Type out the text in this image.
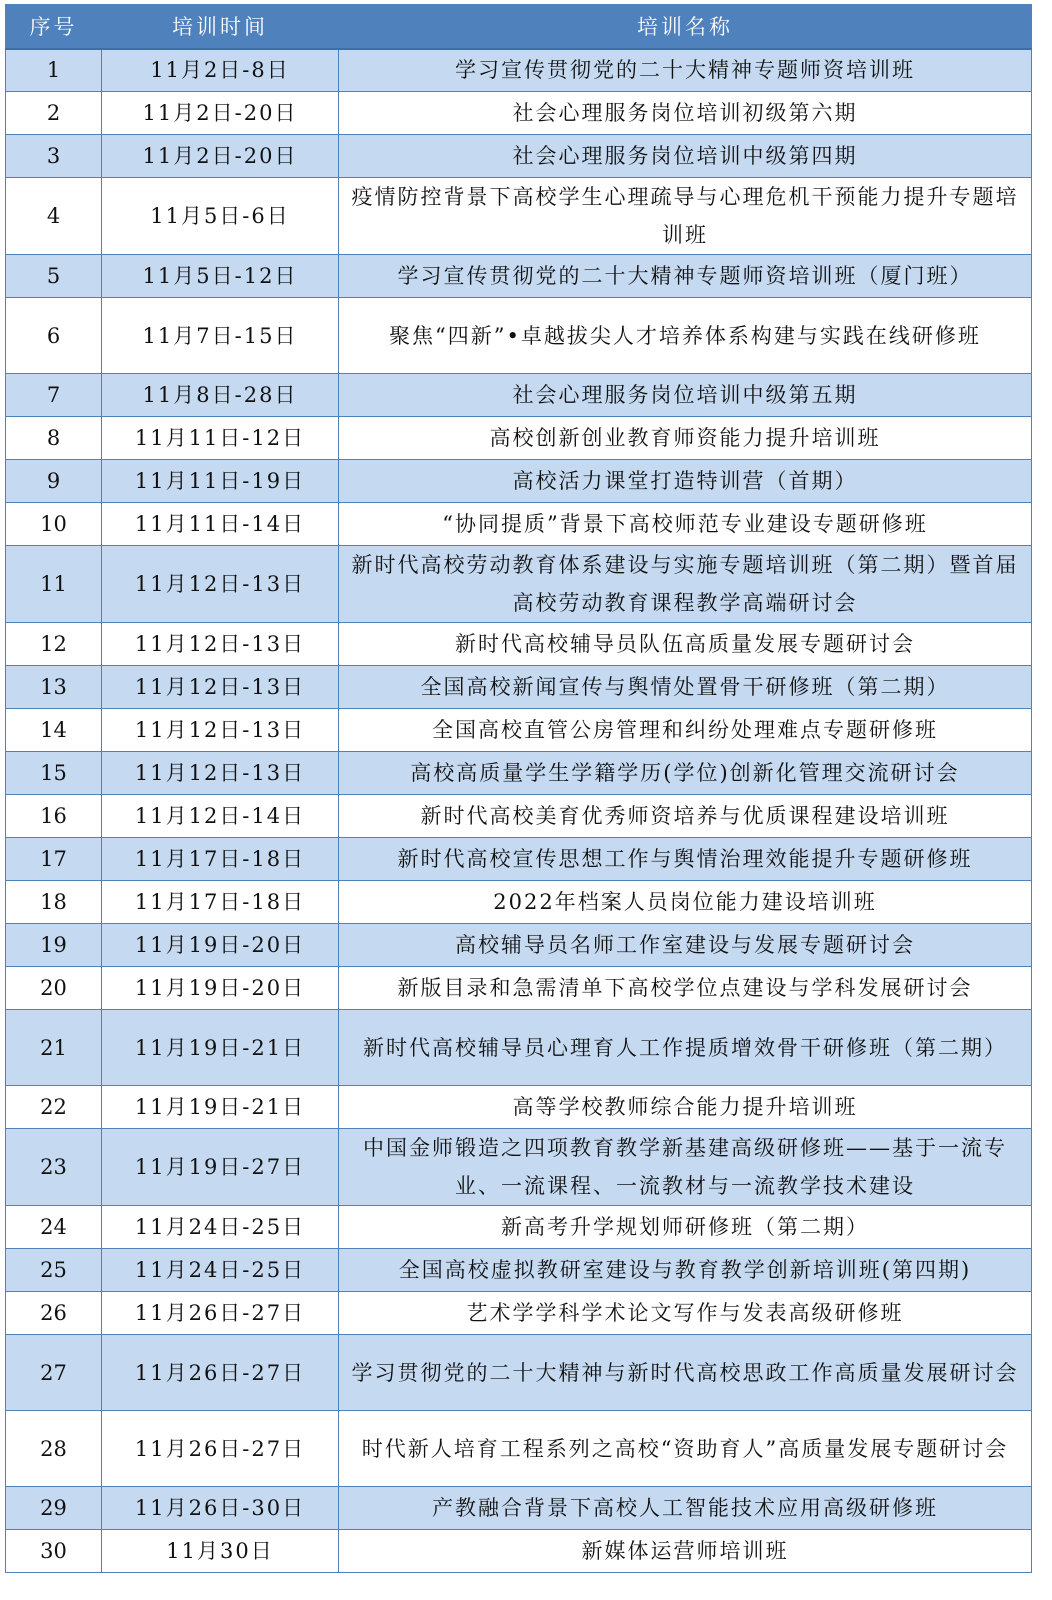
序号	培训时间	培训名称
1	11月2日-8日	学习宣传贯彻党的二十大精神专题师资培训班
2	11月2日-20日	社会心理服务岗位培训初级第六期
3	11月2日-20日	社会心理服务岗位培训中级第四期
4	11月5日-6日	疫情防控背景下高校学生心理疏导与心理危机干预能力提升专题培训班
5	11月5日-12日	学习宣传贯彻党的二十大精神专题师资培训班（厦门班）
6	11月7日-15日	聚焦“四新”•卓越拔尖人才培养体系构建与实践在线研修班
7	11月8日-28日	社会心理服务岗位培训中级第五期
8	11月11日-12日	高校创新创业教育师资能力提升培训班
9	11月11日-19日	高校活力课堂打造特训营（首期）
10	11月11日-14日	“协同提质”背景下高校师范专业建设专题研修班
11	11月12日-13日	新时代高校劳动教育体系建设与实施专题培训班（第二期）暨首届高校劳动教育课程教学高端研讨会
12	11月12日-13日	新时代高校辅导员队伍高质量发展专题研讨会
13	11月12日-13日	全国高校新闻宣传与舆情处置骨干研修班（第二期）
14	11月12日-13日	全国高校直管公房管理和纠纷处理难点专题研修班
15	11月12日-13日	高校高质量学生学籍学历(学位)创新化管理交流研讨会
16	11月12日-14日	新时代高校美育优秀师资培养与优质课程建设培训班
17	11月17日-18日	新时代高校宣传思想工作与舆情治理效能提升专题研修班
18	11月17日-18日	2022年档案人员岗位能力建设培训班
19	11月19日-20日	高校辅导员名师工作室建设与发展专题研讨会
20	11月19日-20日	新版目录和急需清单下高校学位点建设与学科发展研讨会
21	11月19日-21日	新时代高校辅导员心理育人工作提质增效骨干研修班（第二期）
22	11月19日-21日	高等学校教师综合能力提升培训班
23	11月19日-27日	中国金师锻造之四项教育教学新基建高级研修班——基于一流专业、一流课程、一流教材与一流教学技术建设
24	11月24日-25日	新高考升学规划师研修班（第二期）
25	11月24日-25日	全国高校虚拟教研室建设与教育教学创新培训班(第四期)
26	11月26日-27日	艺术学学科学术论文写作与发表高级研修班
27	11月26日-27日	学习贯彻党的二十大精神与新时代高校思政工作高质量发展研讨会
28	11月26日-27日	时代新人培育工程系列之高校“资助育人”高质量发展专题研讨会
29	11月26日-30日	产教融合背景下高校人工智能技术应用高级研修班
30	11月30日	新媒体运营师培训班
